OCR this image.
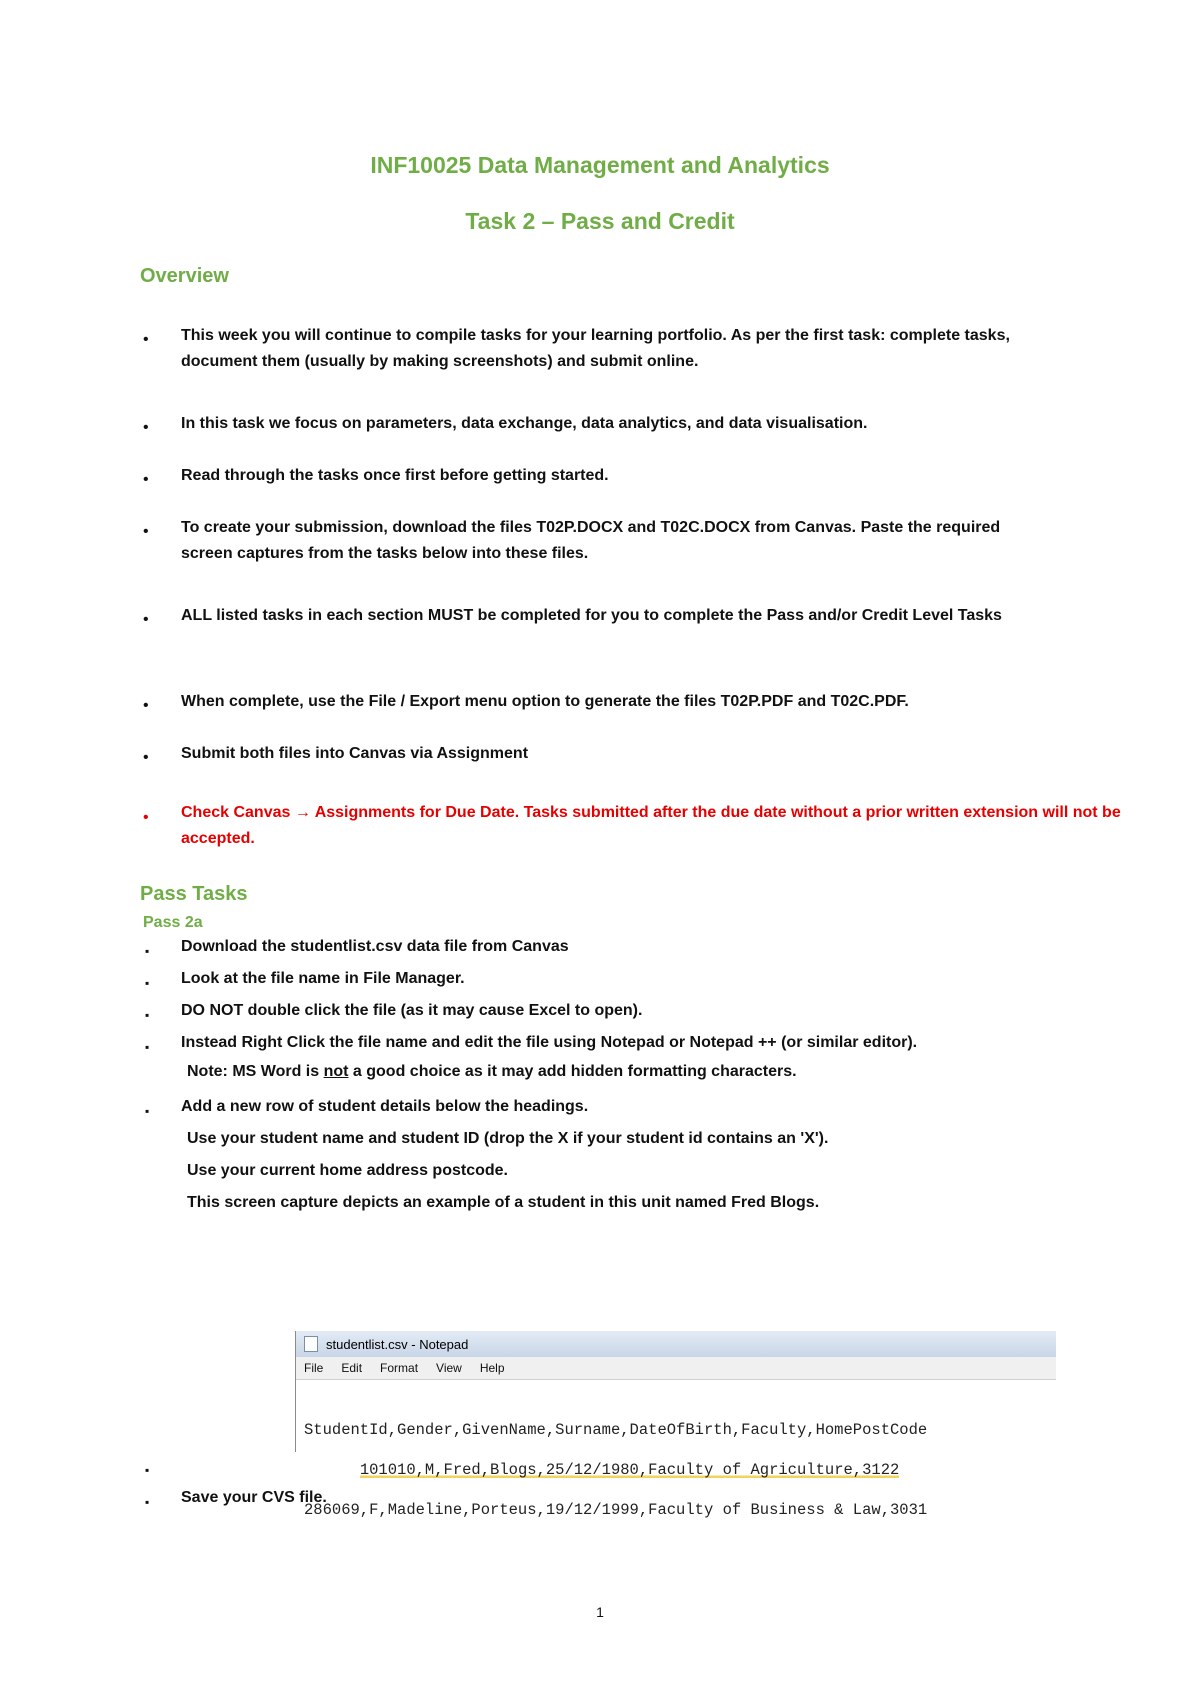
INF10025 Data Management and Analytics
Task 2 – Pass and Credit
Overview
• This week you will continue to compile tasks for your learning portfolio. As per the first task: complete tasks, document them (usually by making screenshots) and submit online.
• In this task we focus on parameters, data exchange, data analytics, and data visualisation.
• Read through the tasks once first before getting started.
• To create your submission, download the files T02P.DOCX and T02C.DOCX from Canvas. Paste the required screen captures from the tasks below into these files.
• ALL listed tasks in each section MUST be completed for you to complete the Pass and/or Credit Level Tasks
• When complete, use the File / Export menu option to generate the files T02P.PDF and T02C.PDF.
• Submit both files into Canvas via Assignment
• Check Canvas → Assignments for Due Date. Tasks submitted after the due date without a prior written extension will not be accepted.
Pass Tasks
Pass 2a
▪ Download the studentlist.csv data file from Canvas
▪ Look at the file name in File Manager.
▪ DO NOT double click the file (as it may cause Excel to open).
▪ Instead Right Click the file name and edit the file using Notepad or Notepad ++ (or similar editor).
Note: MS Word is not a good choice as it may add hidden formatting characters.
▪ Add a new row of student details below the headings.
Use your student name and student ID (drop the X if your student id contains an 'X').
Use your current home address postcode.
This screen capture depicts an example of a student in this unit named Fred Blogs.
studentlist.csv - Notepad
File Edit Format View Help

StudentId,Gender,GivenName,Surname,DateOfBirth,Faculty,HomePostCode

101010,M,Fred,Blogs,25/12/1980,Faculty of Agriculture,3122

286069,F,Madeline,Porteus,19/12/1999,Faculty of Business & Law,3031

▪
▪ Save your CVS file.
1
